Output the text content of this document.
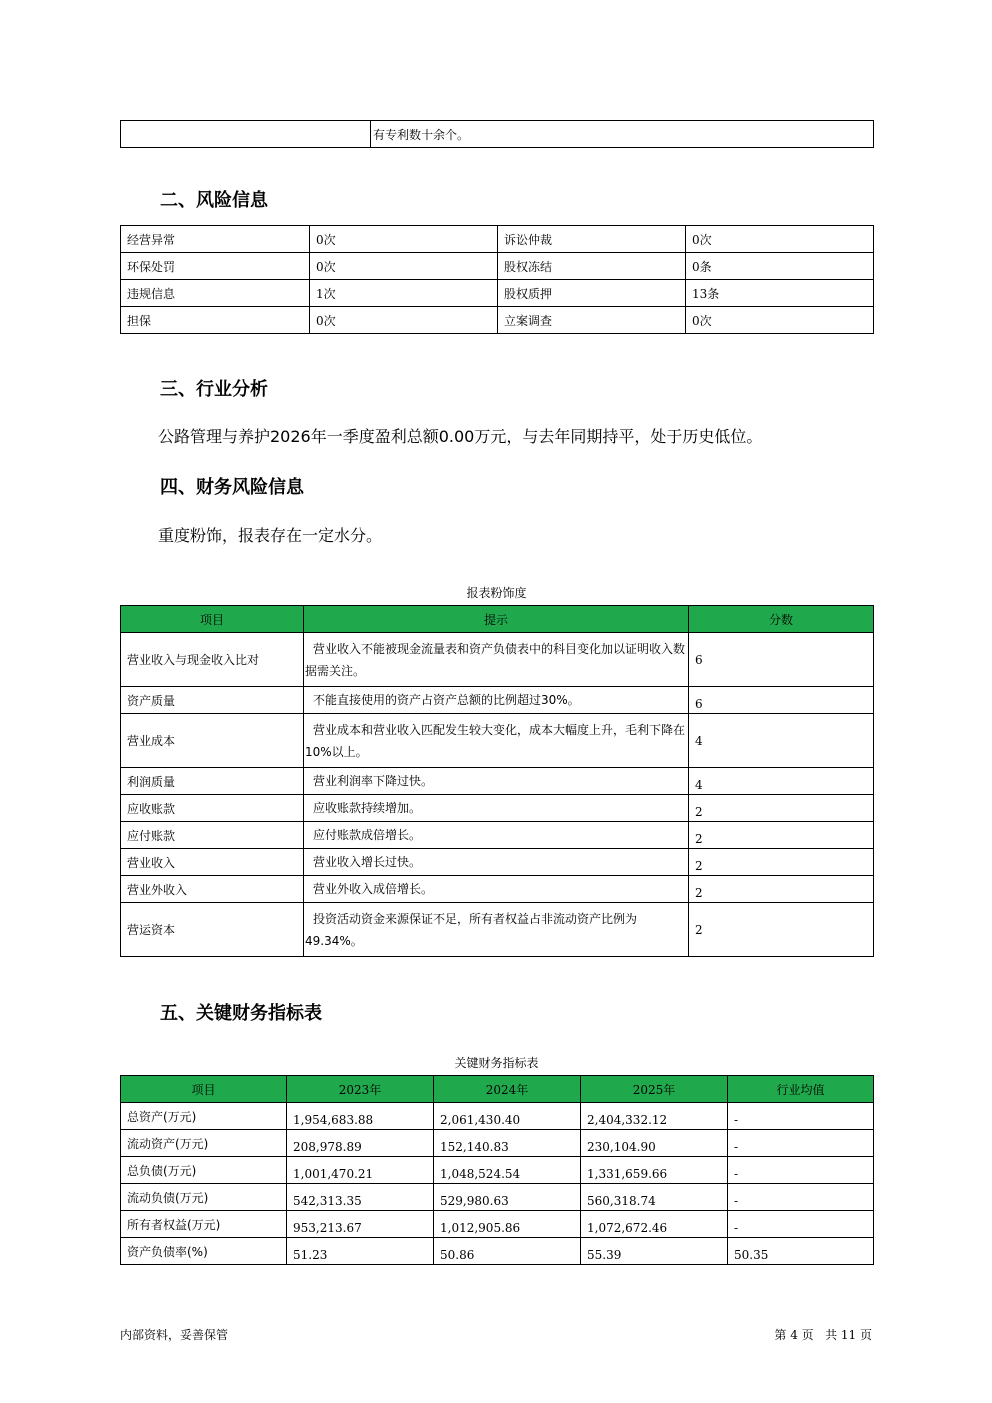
	有专利数十余个。
二、风险信息
经营异常	0次	诉讼仲裁	0次
环保处罚	0次	股权冻结	0条
违规信息	1次	股权质押	13条
担保	0次	立案调查	0次
三、行业分析
公路管理与养护2026年一季度盈利总额0.00万元，与去年同期持平，处于历史低位。
四、财务风险信息
重度粉饰，报表存在一定水分。
报表粉饰度
项目	提示	分数
营业收入与现金收入比对	营业收入不能被现金流量表和资产负债表中的科目变化加以证明收入数据需关注。	6
资产质量	不能直接使用的资产占资产总额的比例超过30%。	6
营业成本	营业成本和营业收入匹配发生较大变化，成本大幅度上升，毛利下降在10%以上。	4
利润质量	营业利润率下降过快。	4
应收账款	应收账款持续增加。	2
应付账款	应付账款成倍增长。	2
营业收入	营业收入增长过快。	2
营业外收入	营业外收入成倍增长。	2
营运资本	投资活动资金来源保证不足，所有者权益占非流动资产比例为49.34%。	2
五、关键财务指标表
关键财务指标表
项目	2023年	2024年	2025年	行业均值
总资产(万元)	1,954,683.88	2,061,430.40	2,404,332.12	-
流动资产(万元)	208,978.89	152,140.83	230,104.90	-
总负债(万元)	1,001,470.21	1,048,524.54	1,331,659.66	-
流动负债(万元)	542,313.35	529,980.63	560,318.74	-
所有者权益(万元)	953,213.67	1,012,905.86	1,072,672.46	-
资产负债率(%)	51.23	50.86	55.39	50.35
内部资料，妥善保管	第 4 页   共 11 页
